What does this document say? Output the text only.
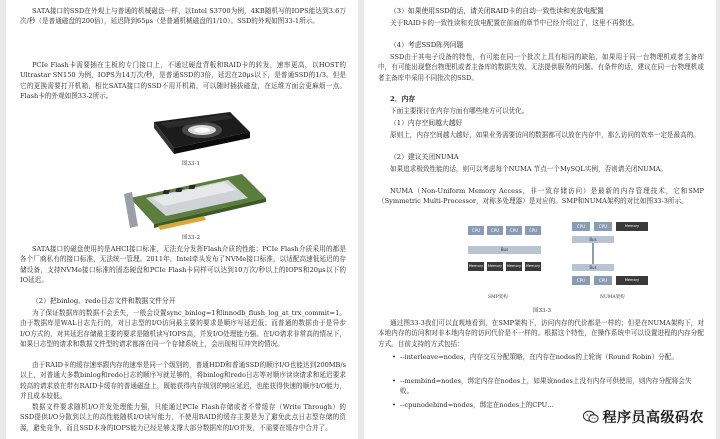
SATA接口的SSD在外观上与普通的机械磁盘一样，以Intel S3700为例，4KB随机写的IOPS能达到3.6万次/秒（是普通磁盘的200倍），延迟降到65μs（是普通机械磁盘的1/10）。SSD的外观如图33-1所示。

PCIe Flash卡需要插在主板的专门接口上，不通过硬盘背板和RAID卡的转发，速率更高，以HOST的Ultrastar SN150 为例，IOPS为14万次/秒，是普通SSD的3倍，延迟在20μs以下，是普通SSD的1/3。但是它的更换需要打开机箱，相比SATA接口的SSD不用开机箱，可以随时插拔磁盘，在运维方面会更麻烦一点。Flash卡的外观如图33-2所示。

图33-1
图33-2

SATA接口的磁盘使用的是AHCI接口标准，无法充分发挥Flash介质的性能；PCIe Flash介质采用的都是各个厂商私有的接口标准，无法统一管理。2011年，Intel牵头发布了NVMe接口标准，以适配高速低延迟的存储设备，支持NVMe接口标准的固态硬盘和PCIe Flash卡同样可以达到10万次/秒以上的IOPS和20μs以下的IO延迟。

（2）把binlog、redo日志文件和数据文件分开

为了保证数据库的数据不会丢失，一般会设置sync_binlog=1和innodb_flush_log_at_trx_commit=1。由于数据库是WAL日志先行的，对日志型的I/O访问最主要的要求是顺序写延迟低；而普通的数据由于是异步I/O方式的，对其延迟存储最主要的要求是随机读写IOPS高，并发I/O处理能力强。在I/O请求非常高的情况下，如果日志型的请求和数据文件型的请求都落在同一个存储系统上，会出现相互冲突的情况。

由于RAID卡的缓存速率跟内存的速率是同一个级别的，普通HDD和普通SSD的顺序I/O也能达到200MB/s以上，对普通大多数binlog和redo日志的顺序写就足够的，将binlog和redo日志等对顺序读读请求和延迟要求较高的请求放在带有RAID卡缓存的普通磁盘上，既能获得内存级别的响应延迟，也能获得快速的顺序I/O能力，并且成本较低。

数据文件要求随机I/O并发处理能力强，只能通过PCIe Flash存储或者不带缓存（Write Through）的SSD提供I/O分散到以上的高性能随机I/O读写能力，不使用RAID的缓存主要是为了避免此点日志型存储的资源，避免竞争，而且SSD本身的IOPS能力已经足够支撑大部分数据库的I/O并发，不需要在缓存中合并了。

（3）如果使用SSD的话，请关闭RAID卡的自动一致性读和充放电配置

关于RAID卡的一致性读和充放电配置在前面的章节中已经介绍过了，这里不再赘述。

（4）考虑SSD阵列问题

SSD由于其电子设备的特性，有可能在同一个批次上具有相同的缺陷，如果用于同一台物理机或者主备库中，有可能出现整台物理机或者主备库的数据失效、无法提供服务的问题。有条件的话，建议在同一台物理机或者主备库中采用不同批次的SSD。

2．内存

下面主要探讨在内存方面有哪些地方可以优化。

（1）内存空间越大越好

原则上，内存空间越大越好，如果业务需要访问的数据都可以放在内存中，那么访问的效率一定是最高的。

（2）建议关闭NUMA

如果追求极致性能的话，则可以考虑每个NUMA 节点一个MySQL实例，否则请关闭NUMA。

NUMA（Non-Uniform Memory Access，非一致存储访问）是最新的内存管理技术，它和SMP（Symmetric Multi-Processor，对称多处理器）是对应的。SMP和NUMA架构的对比如图33-3所示。

CPU	CPU	CPU	CPU
Bus
Memory Memory Memory Memory
CPU	CPU	Memory
Bus
Bus
CPU	CPU	Memory
SMP架构	NUMA架构
图33-3

通过图33-3我们可以直观地看到，在SMP架构下，访问内存的代价都是一样的；但是在NUMA架构下，对本地内存的访问和对非本地内存的访问代价是不一样的。根据这个特性，在操作系统中可以设置进程的内存分配方式。目前支持的方式包括：

• --interleave=nodes，内存交互分配策略，在内存在nodes的上轮询（Round Robin）分配。

• --membind=nodes，绑定内存在nodes上，如果该nodes上没有内存可供使用，则内存分配将会失败。

• --cpunodebind=nodes，绑定在nodes上的CPU…

程序员高级码农
